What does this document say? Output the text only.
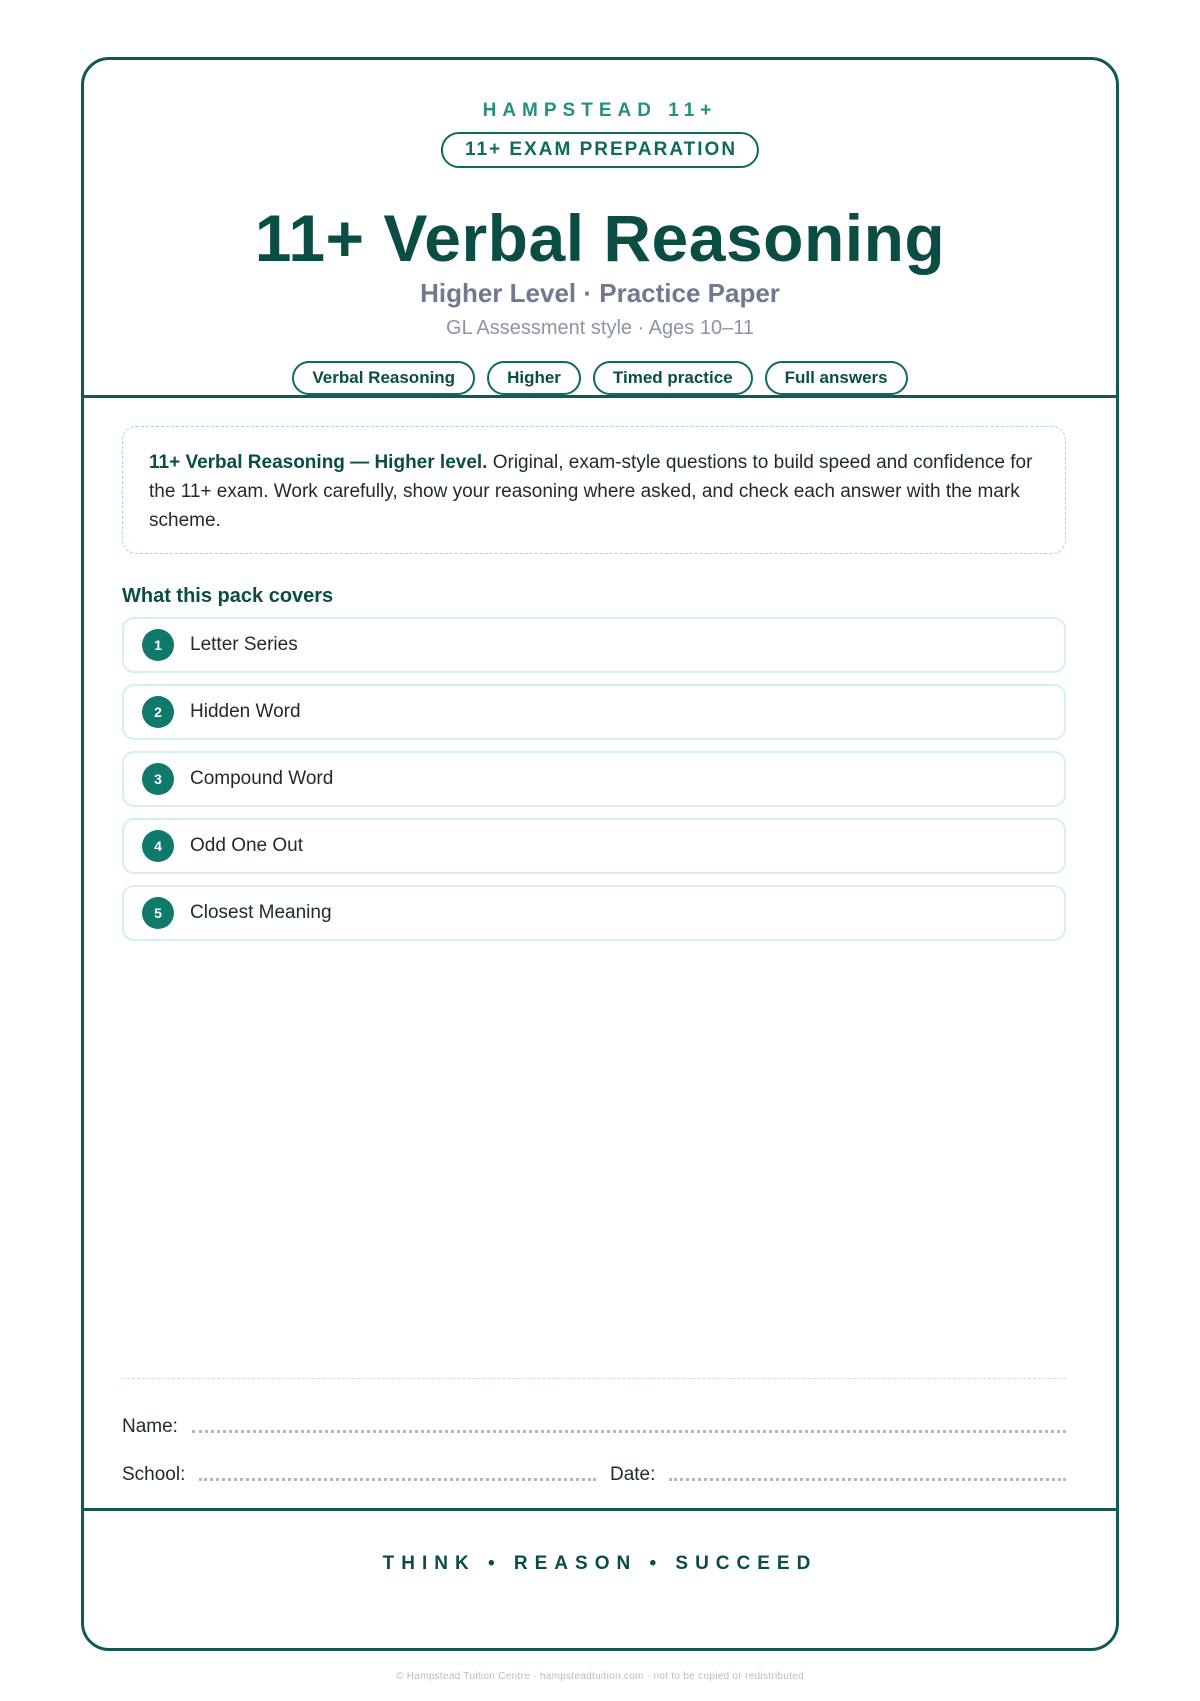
HAMPSTEAD 11+
11+ EXAM PREPARATION
11+ Verbal Reasoning
Higher Level · Practice Paper
GL Assessment style · Ages 10–11
Verbal Reasoning	Higher	Timed practice	Full answers
11+ Verbal Reasoning — Higher level. Original, exam-style questions to build speed and confidence for the 11+ exam. Work carefully, show your reasoning where asked, and check each answer with the mark scheme.
What this pack covers
1	Letter Series
2	Hidden Word
3	Compound Word
4	Odd One Out
5	Closest Meaning
Name:
School:	Date:
THINK • REASON • SUCCEED
© Hampstead Tuition Centre · hampsteadtuition.com · not to be copied or redistributed
